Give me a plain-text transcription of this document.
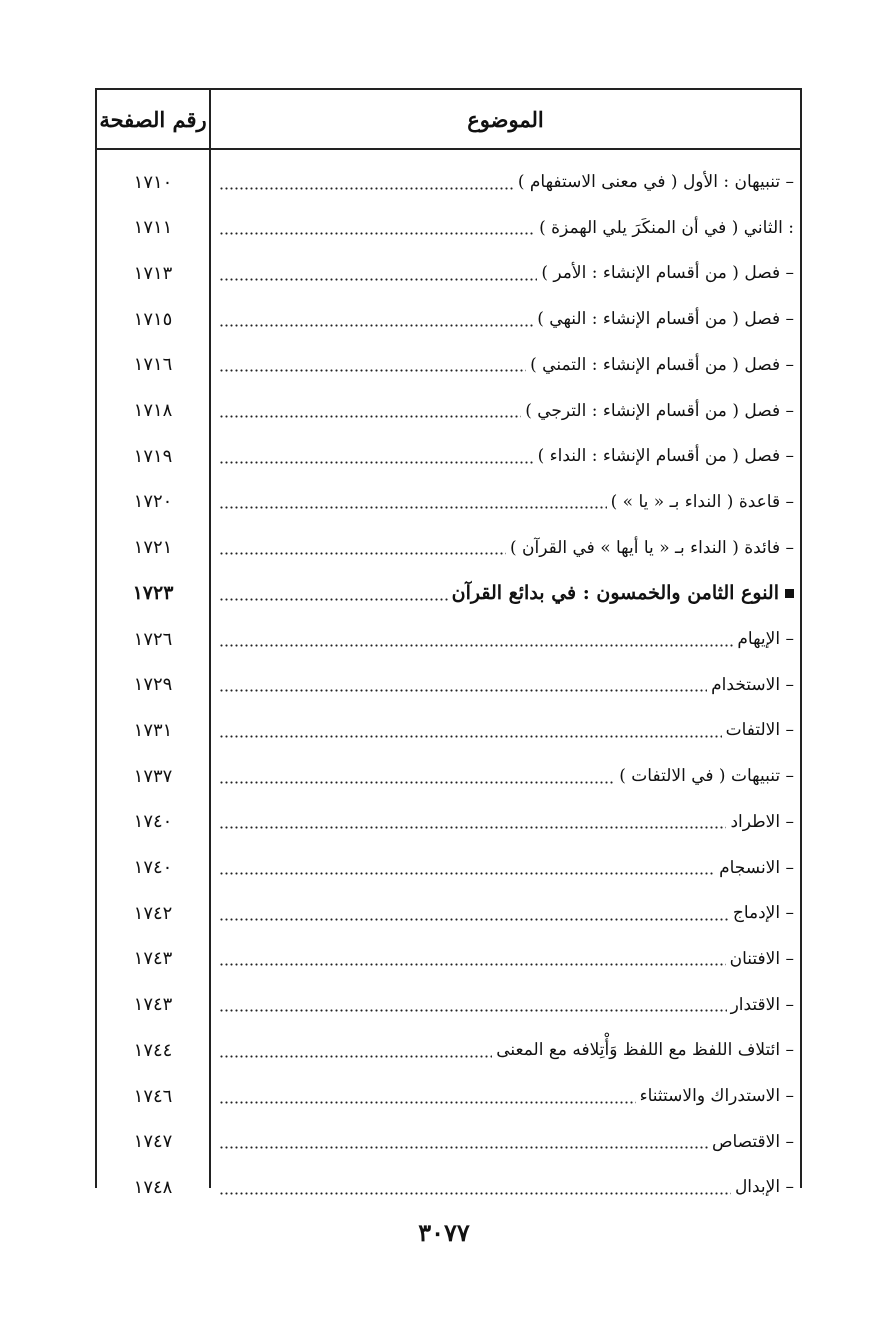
رقم الصفحة	الموضوع
– تنبيهان : الأول ( في معنى الاستفهام )
١٧١٠
: الثاني ( في أن المنكَرَ يلي الهمزة )
١٧١١
– فصل ( من أقسام الإنشاء : الأمر )
١٧١٣
– فصل ( من أقسام الإنشاء : النهي )
١٧١٥
– فصل ( من أقسام الإنشاء : التمني )
١٧١٦
– فصل ( من أقسام الإنشاء : الترجي )
١٧١٨
– فصل ( من أقسام الإنشاء : النداء )
١٧١٩
– قاعدة ( النداء بـ « يا » )
١٧٢٠
– فائدة ( النداء بـ « يا أيها » في القرآن )
١٧٢١
النوع الثامن والخمسون : في بدائع القرآن
١٧٢٣
– الإيهام
١٧٢٦
– الاستخدام
١٧٢٩
– الالتفات
١٧٣١
– تنبيهات ( في الالتفات )
١٧٣٧
– الاطراد
١٧٤٠
– الانسجام
١٧٤٠
– الإدماج
١٧٤٢
– الافتنان
١٧٤٣
– الاقتدار
١٧٤٣
– ائتلاف اللفظ مع اللفظ وَأْتِلافه مع المعنى
١٧٤٤
– الاستدراك والاستثناء
١٧٤٦
– الاقتصاص
١٧٤٧
– الإبدال
١٧٤٨
٣٠٧٧
